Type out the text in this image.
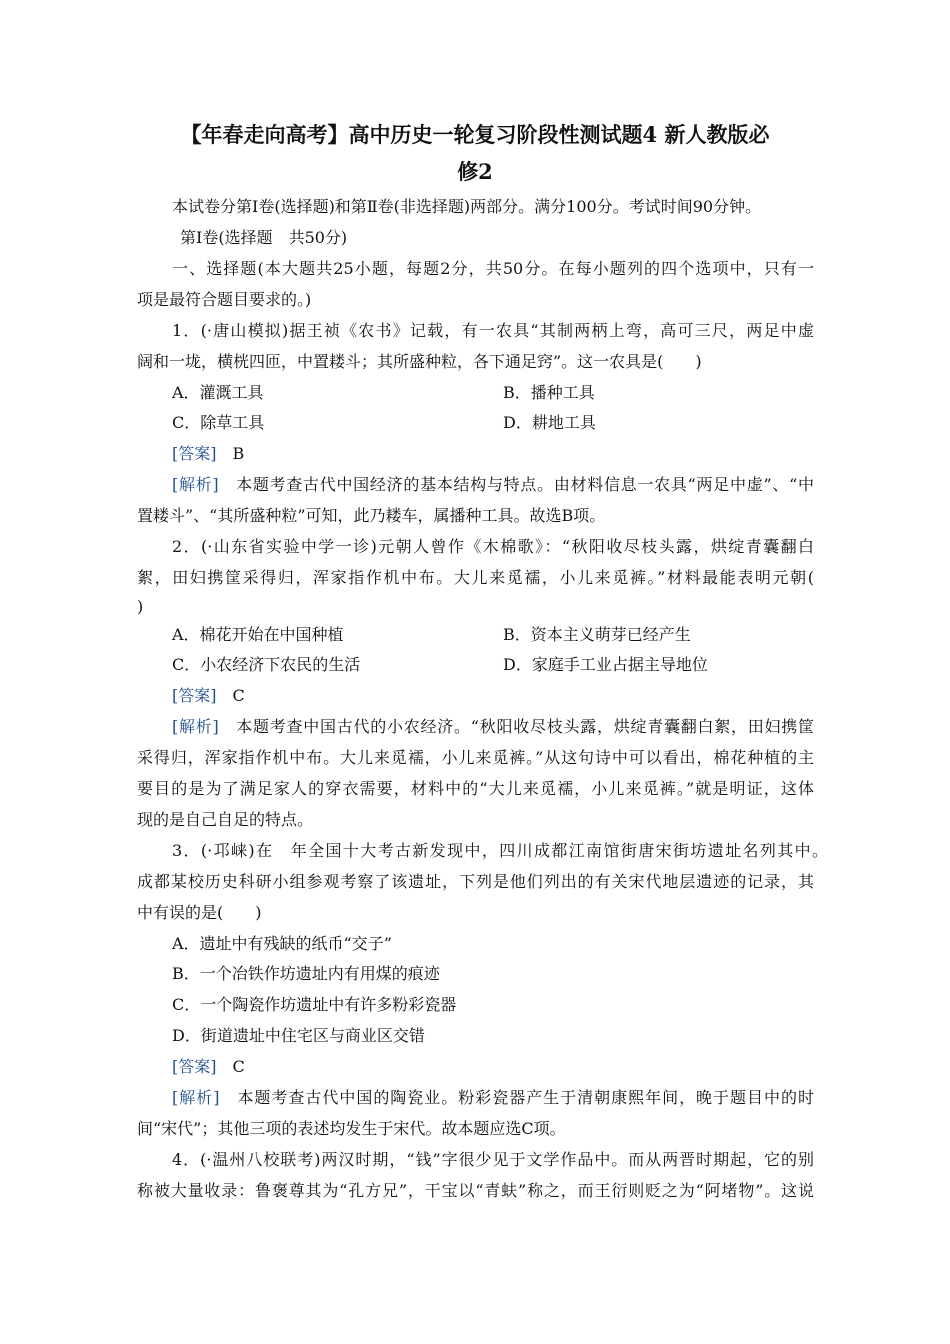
【年春走向高考】高中历史一轮复习阶段性测试题4 新人教版必
修2
本试卷分第Ⅰ卷(选择题)和第Ⅱ卷(非选择题)两部分。满分100分。考试时间90分钟。
第Ⅰ卷(选择题　共50分)
一、选择题(本大题共25小题，每题2分，共50分。在每小题列的四个选项中，只有一
项是最符合题目要求的。)
1．(·唐山模拟)据王祯《农书》记载，有一农具“其制两柄上弯，高可三尺，两足中虚
阔和一垅，横桄四匝，中置耧斗；其所盛种粒，各下通足窍”。这一农具是(　　)
A．灌溉工具	B．播种工具
C．除草工具	D．耕地工具
[答案]　 B
[解析]　 本题考查古代中国经济的基本结构与特点。由材料信息一农具“两足中虚”、“中
置耧斗”、“其所盛种粒”可知，此乃耧车，属播种工具。故选B项。
2．(·山东省实验中学一诊)元朝人曾作《木棉歌》：“秋阳收尽枝头露，烘绽青囊翻白
絮，田妇携筐采得归，浑家指作机中布。大儿来觅襦，小儿来觅裤。”材料最能表明元朝(
)
A．棉花开始在中国种植	B．资本主义萌芽已经产生
C．小农经济下农民的生活	D．家庭手工业占据主导地位
[答案]　 C
[解析]　 本题考查中国古代的小农经济。“秋阳收尽枝头露，烘绽青囊翻白絮，田妇携筐
采得归，浑家指作机中布。大儿来觅襦，小儿来觅裤。”从这句诗中可以看出，棉花种植的主
要目的是为了满足家人的穿衣需要，材料中的“大儿来觅襦，小儿来觅裤。”就是明证，这体
现的是自己自足的特点。
3．(·邛崃)在　年全国十大考古新发现中，四川成都江南馆街唐宋街坊遗址名列其中。
成都某校历史科研小组参观考察了该遗址，下列是他们列出的有关宋代地层遗迹的记录，其
中有误的是(　　)
A．遗址中有残缺的纸币“交子”
B．一个冶铁作坊遗址内有用煤的痕迹
C．一个陶瓷作坊遗址中有许多粉彩瓷器
D．街道遗址中住宅区与商业区交错
[答案]　 C
[解析]　 本题考查古代中国的陶瓷业。粉彩瓷器产生于清朝康熙年间，晚于题目中的时
间“宋代”；其他三项的表述均发生于宋代。故本题应选C项。
4．(·温州八校联考)两汉时期，“钱”字很少见于文学作品中。而从两晋时期起，它的别
称被大量收录：鲁褒尊其为“孔方兄”，干宝以“青蚨”称之，而王衍则贬之为“阿堵物”。这说
